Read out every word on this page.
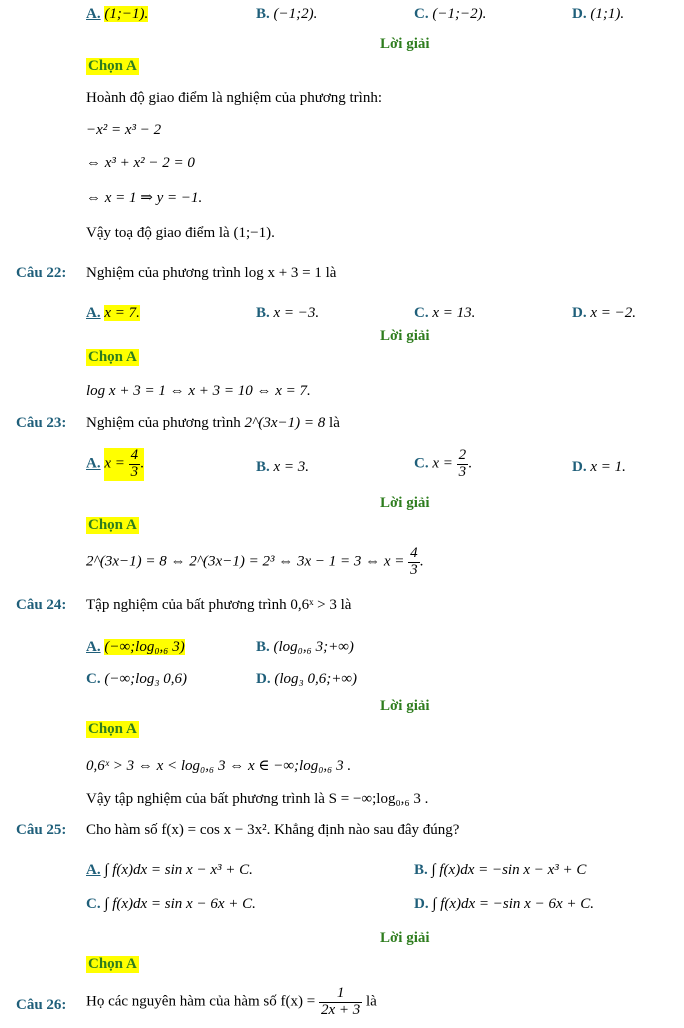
A. (1;−1).	B. (−1;2).	C. (−1;−2).	D. (1;1).
Lời giải
Chọn A
Hoành độ giao điểm là nghiệm của phương trình:
−x² = x³ − 2
⇔ x³ + x² − 2 = 0
⇔ x = 1 ⇒ y = −1.
Vậy toạ độ giao điểm là (1;−1).
Câu 22: Nghiệm của phương trình log x + 3 = 1 là
A. x = 7.	B. x = −3.	C. x = 13.	D. x = −2.
Lời giải
Chọn A
log x + 3 = 1 ⇔ x + 3 = 10 ⇔ x = 7.
Câu 23: Nghiệm của phương trình 2^(3x−1) = 8 là
A. $x = \frac{4}{3}$ .	B. x = 3.	C. $x = \frac{2}{3}$ .	D. x = 1.
Lời giải
Chọn A
2^(3x−1) = 8 ⇔ 2^(3x−1) = 2³ ⇔ 3x − 1 = 3 ⇔ $x = \frac{4}{3}$ .
Câu 24: Tập nghiệm của bất phương trình 0,6ˣ > 3 là
A. (−∞;log₀,₆ 3)	B. (log₀,₆ 3;+∞)
C. (−∞;log₃ 0,6)	D. (log₃ 0,6;+∞)
Lời giải
Chọn A
0,6ˣ > 3 ⇔ x < log₀,₆ 3 ⇔ x ∈ −∞;log₀,₆ 3 .
Vậy tập nghiệm của bất phương trình là S = −∞;log₀,₆ 3 .
Câu 25: Cho hàm số f(x) = cos x − 3x². Khẳng định nào sau đây đúng?
A. ∫ f(x)dx = sin x − x³ + C.	B. ∫ f(x)dx = −sin x − x³ + C
C. ∫ f(x)dx = sin x − 6x + C.	D. ∫ f(x)dx = −sin x − 6x + C.
Lời giải
Chọn A
Câu 26: Họ các nguyên hàm của hàm số $f(x) = \frac{1}{2x + 3}$ là
